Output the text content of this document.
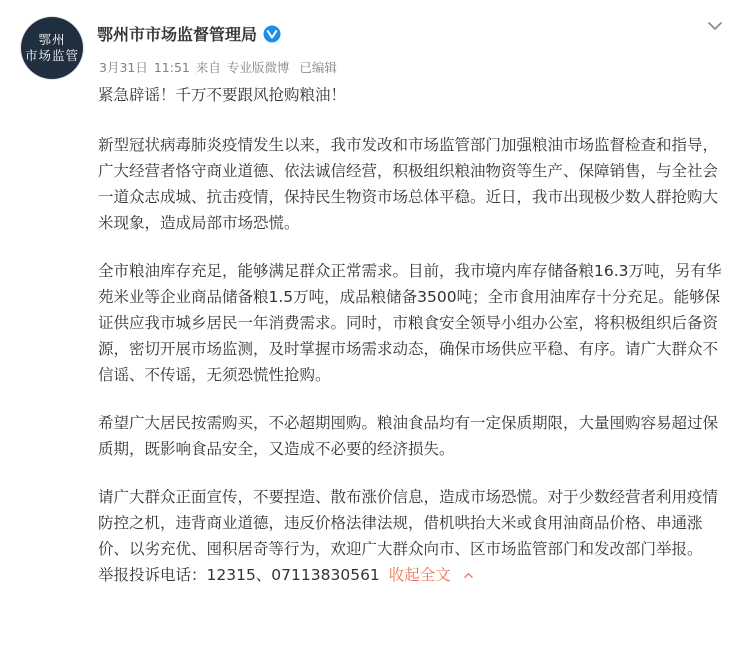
鄂州
市场监管
鄂州市市场监督管理局
3月31日 11:51 来自 专业版微博 已编辑

紧急辟谣！千万不要跟风抢购粮油！

新型冠状病毒肺炎疫情发生以来，我市发改和市场监管部门加强粮油市场监督检查和指导，广大经营者恪守商业道德、依法诚信经营，积极组织粮油物资等生产、保障销售，与全社会一道众志成城、抗击疫情，保持民生物资市场总体平稳。近日，我市出现极少数人群抢购大米现象，造成局部市场恐慌。

全市粮油库存充足，能够满足群众正常需求。目前，我市境内库存储备粮16.3万吨，另有华苑米业等企业商品储备粮1.5万吨，成品粮储备3500吨；全市食用油库存十分充足。能够保证供应我市城乡居民一年消费需求。同时，市粮食安全领导小组办公室，将积极组织后备资源，密切开展市场监测，及时掌握市场需求动态，确保市场供应平稳、有序。请广大群众不信谣、不传谣，无须恐慌性抢购。

希望广大居民按需购买，不必超期囤购。粮油食品均有一定保质期限，大量囤购容易超过保质期，既影响食品安全，又造成不必要的经济损失。

请广大群众正面宣传，不要捏造、散布涨价信息，造成市场恐慌。对于少数经营者利用疫情防控之机，违背商业道德，违反价格法律法规，借机哄抬大米或食用油商品价格、串通涨价、以劣充优、囤积居奇等行为，欢迎广大群众向市、区市场监管部门和发改部门举报。

举报投诉电话：12315、07113830561 收起全文
